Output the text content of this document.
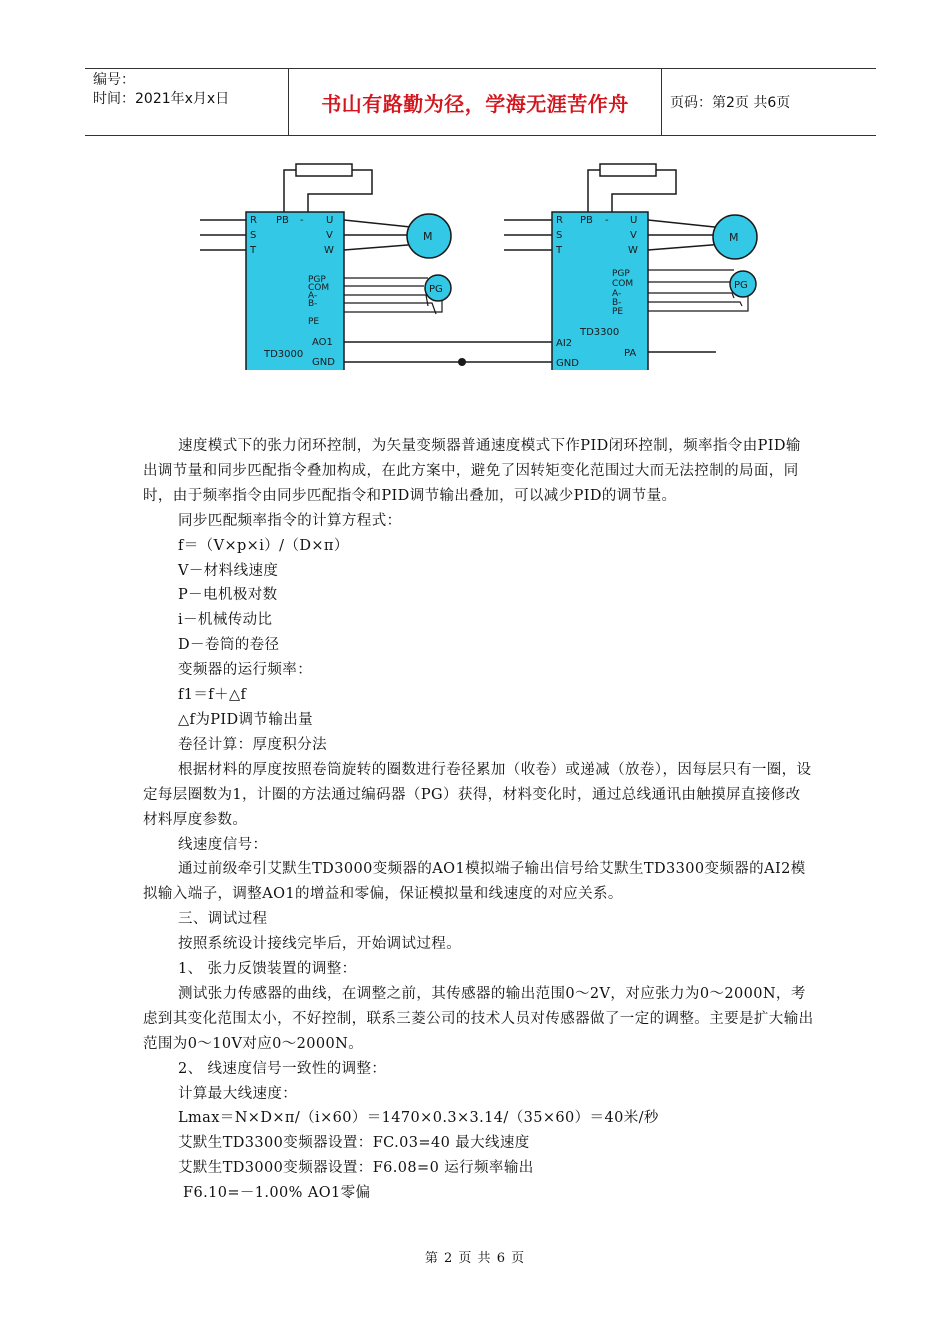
编号：
时间：2021年x月x日	书山有路勤为径，学海无涯苦作舟	页码：第2页 共6页
R
S
T
PB - U
V
W
PGP
COM
A-
B-
PE
AO1
TD3000
GND
M
PG
R
S
T
PB - U
V
W
PGP
COM
A-
B-
PE
TD3300
AI2
PA
GND
M
PG

速度模式下的张力闭环控制，为矢量变频器普通速度模式下作PID闭环控制，频率指令由PID输出调节量和同步匹配指令叠加构成，在此方案中，避免了因转矩变化范围过大而无法控制的局面，同时，由于频率指令由同步匹配指令和PID调节输出叠加，可以减少PID的调节量。

同步匹配频率指令的计算方程式：

f＝（V×p×i）/（D×π）

V－材料线速度

P－电机极对数

i－机械传动比

D－卷筒的卷径

变频器的运行频率：

f1＝f＋△f

△f为PID调节输出量

卷径计算：厚度积分法

根据材料的厚度按照卷筒旋转的圈数进行卷径累加（收卷）或递减（放卷），因每层只有一圈，设定每层圈数为1，计圈的方法通过编码器（PG）获得，材料变化时，通过总线通讯由触摸屏直接修改材料厚度参数。

线速度信号：

通过前级牵引艾默生TD3000变频器的AO1模拟端子输出信号给艾默生TD3300变频器的AI2模拟输入端子，调整AO1的增益和零偏，保证模拟量和线速度的对应关系。

三、调试过程

按照系统设计接线完毕后，开始调试过程。

1、 张力反馈装置的调整：

测试张力传感器的曲线，在调整之前，其传感器的输出范围0～2V，对应张力为0～2000N，考虑到其变化范围太小，不好控制，联系三菱公司的技术人员对传感器做了一定的调整。主要是扩大输出范围为0～10V对应0～2000N。

2、 线速度信号一致性的调整：

计算最大线速度：

Lmax＝N×D×π/（i×60）＝1470×0.3×3.14/（35×60）＝40米/秒

艾默生TD3300变频器设置：FC.03=40 最大线速度

艾默生TD3000变频器设置：F6.08=0 运行频率输出

F6.10=－1.00% AO1零偏

第 2 页 共 6 页
